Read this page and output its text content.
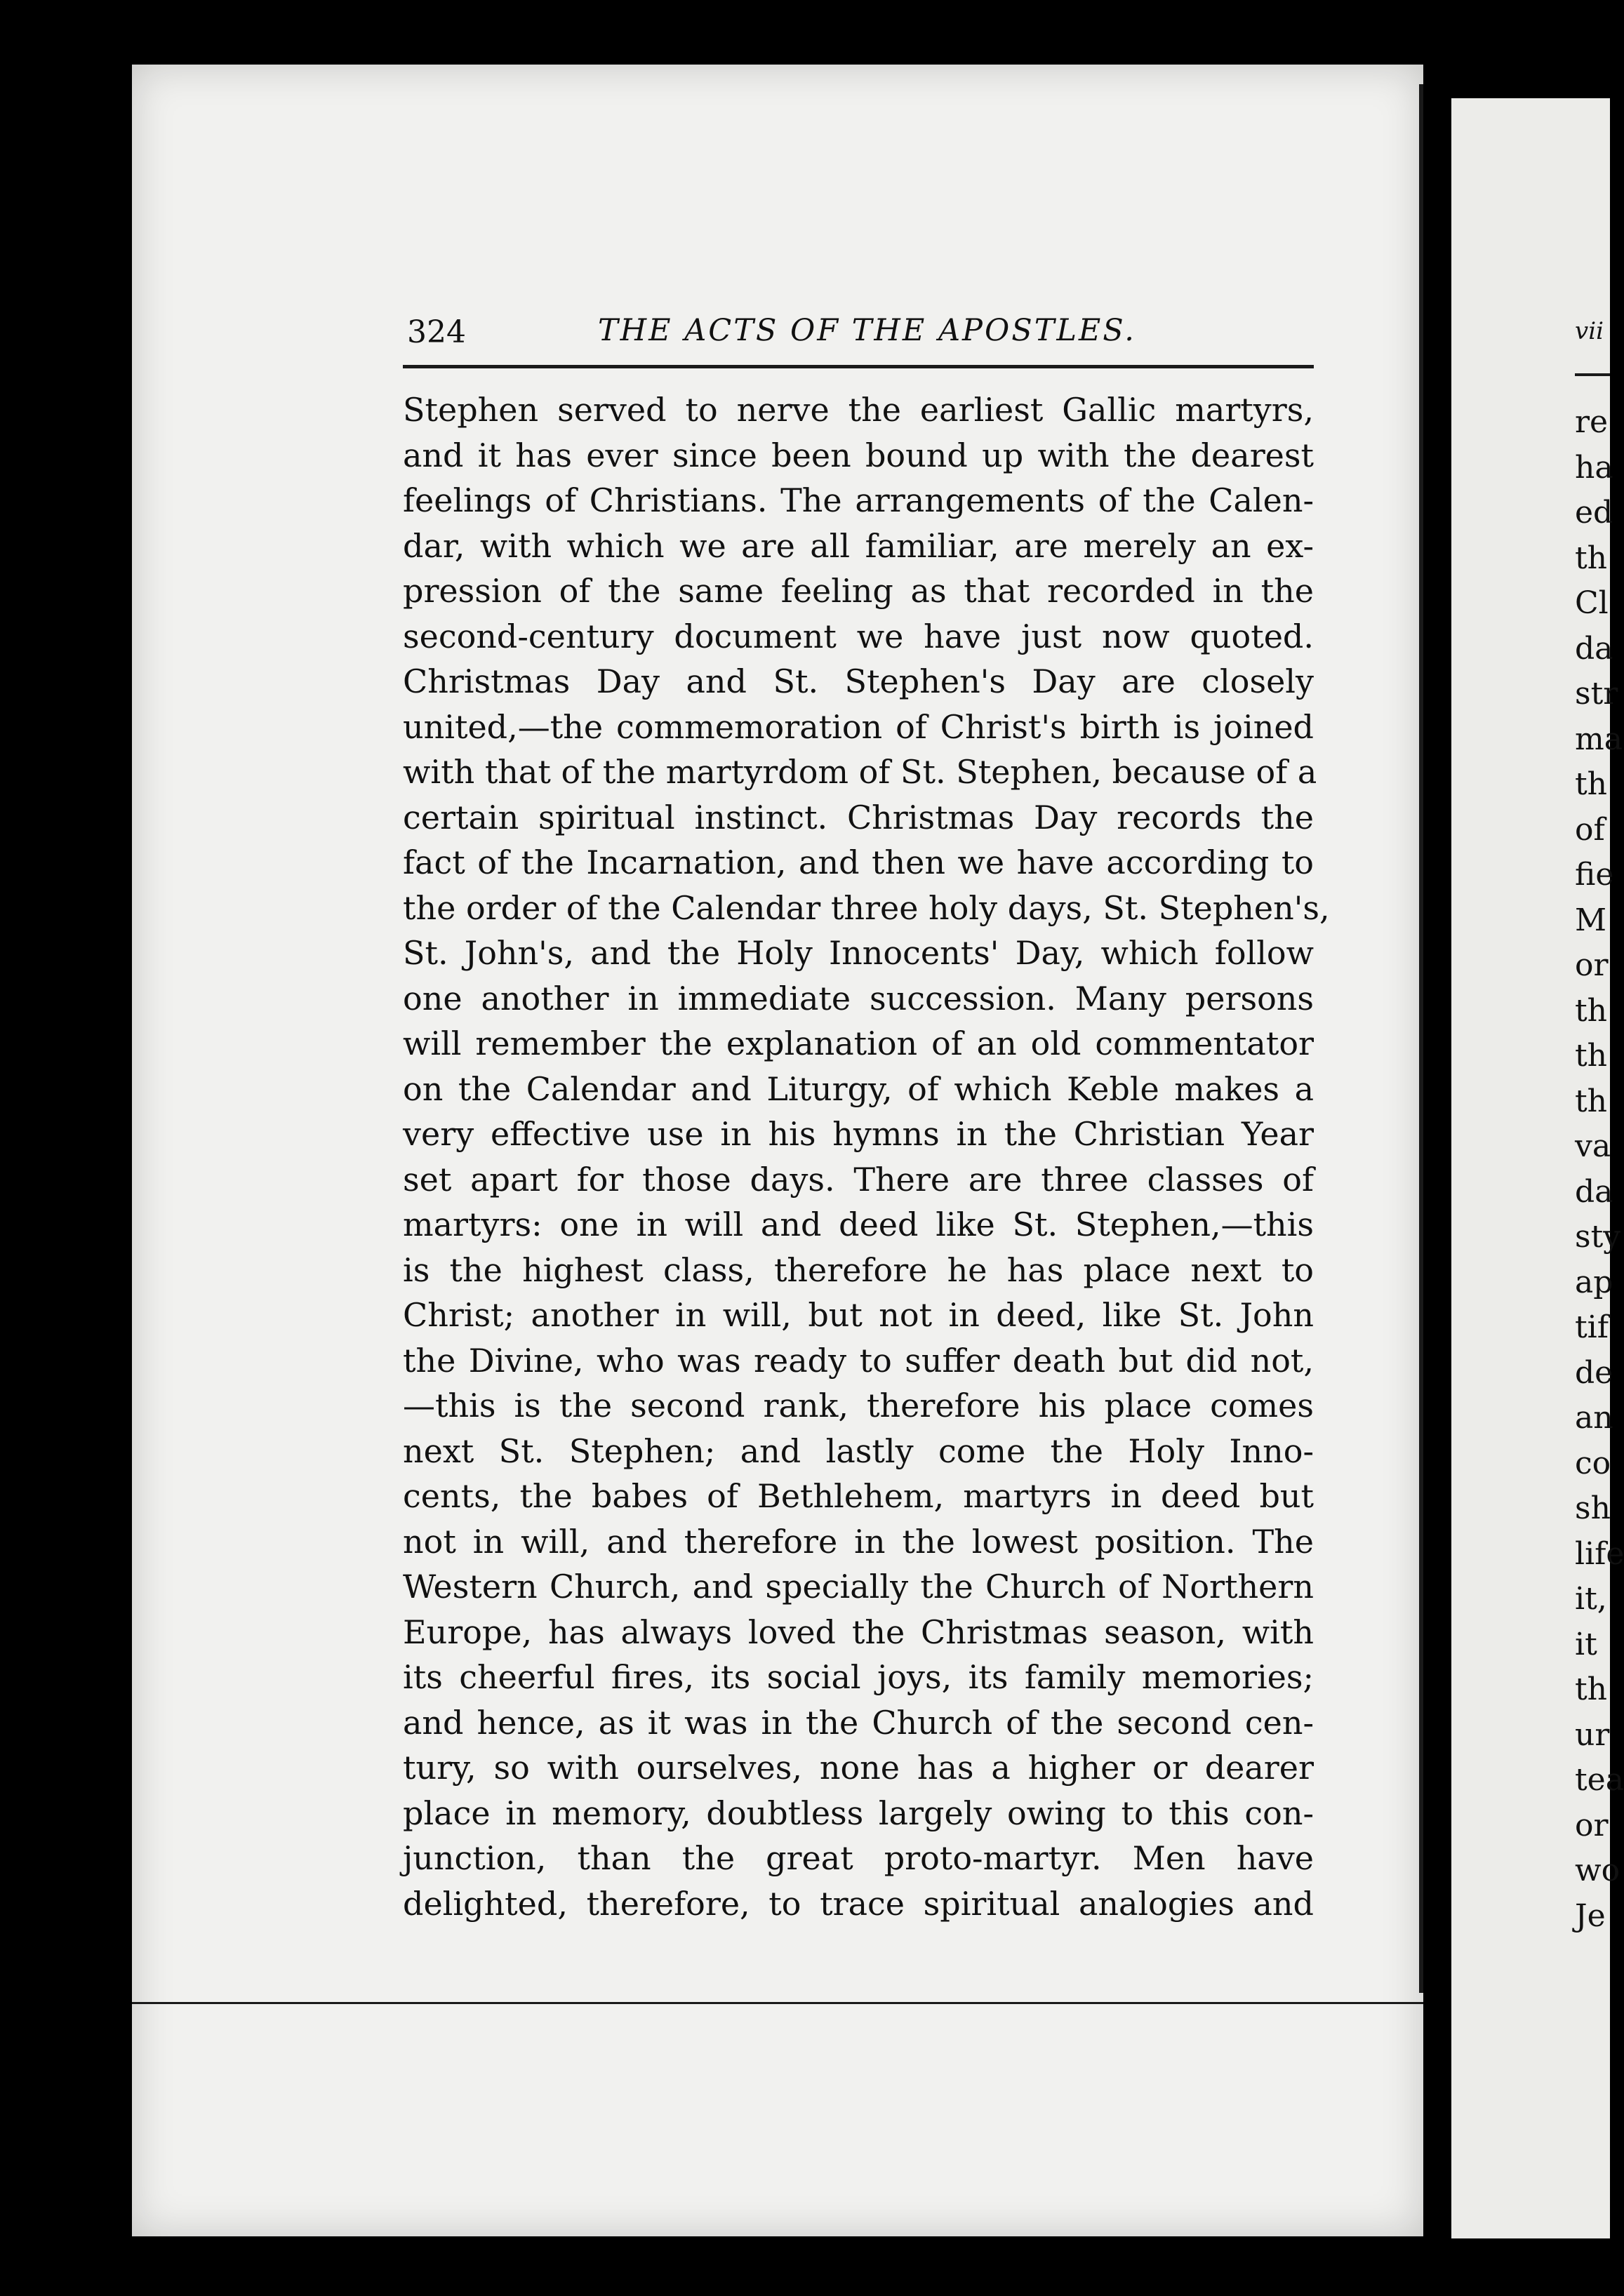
324	THE ACTS OF THE APOSTLES.
Stephen served to nerve the earliest Gallic martyrs,
and it has ever since been bound up with the dearest
feelings of Christians. The arrangements of the Calen-
dar, with which we are all familiar, are merely an ex-
pression of the same feeling as that recorded in the
second-century document we have just now quoted.
Christmas Day and St. Stephen's Day are closely
united,—the commemoration of Christ's birth is joined
with that of the martyrdom of St. Stephen, because of a
certain spiritual instinct. Christmas Day records the
fact of the Incarnation, and then we have according to
the order of the Calendar three holy days, St. Stephen's,
St. John's, and the Holy Innocents' Day, which follow
one another in immediate succession. Many persons
will remember the explanation of an old commentator
on the Calendar and Liturgy, of which Keble makes a
very effective use in his hymns in the Christian Year
set apart for those days. There are three classes of
martyrs: one in will and deed like St. Stephen,—this
is the highest class, therefore he has place next to
Christ; another in will, but not in deed, like St. John
the Divine, who was ready to suffer death but did not,
—this is the second rank, therefore his place comes
next St. Stephen; and lastly come the Holy Inno-
cents, the babes of Bethlehem, martyrs in deed but
not in will, and therefore in the lowest position. The
Western Church, and specially the Church of Northern
Europe, has always loved the Christmas season, with
its cheerful fires, its social joys, its family memories;
and hence, as it was in the Church of the second cen-
tury, so with ourselves, none has a higher or dearer
place in memory, doubtless largely owing to this con-
junction, than the great proto-martyr. Men have
delighted, therefore, to trace spiritual analogies and
vii
re
ha
ed
th
Cl
da
str
ma
th
of
fie
M
or
th
th
th
va
da
sty
ap
tif
de
an
co
sh
life
it,
it
th
ur
tea
or
wo
Je
